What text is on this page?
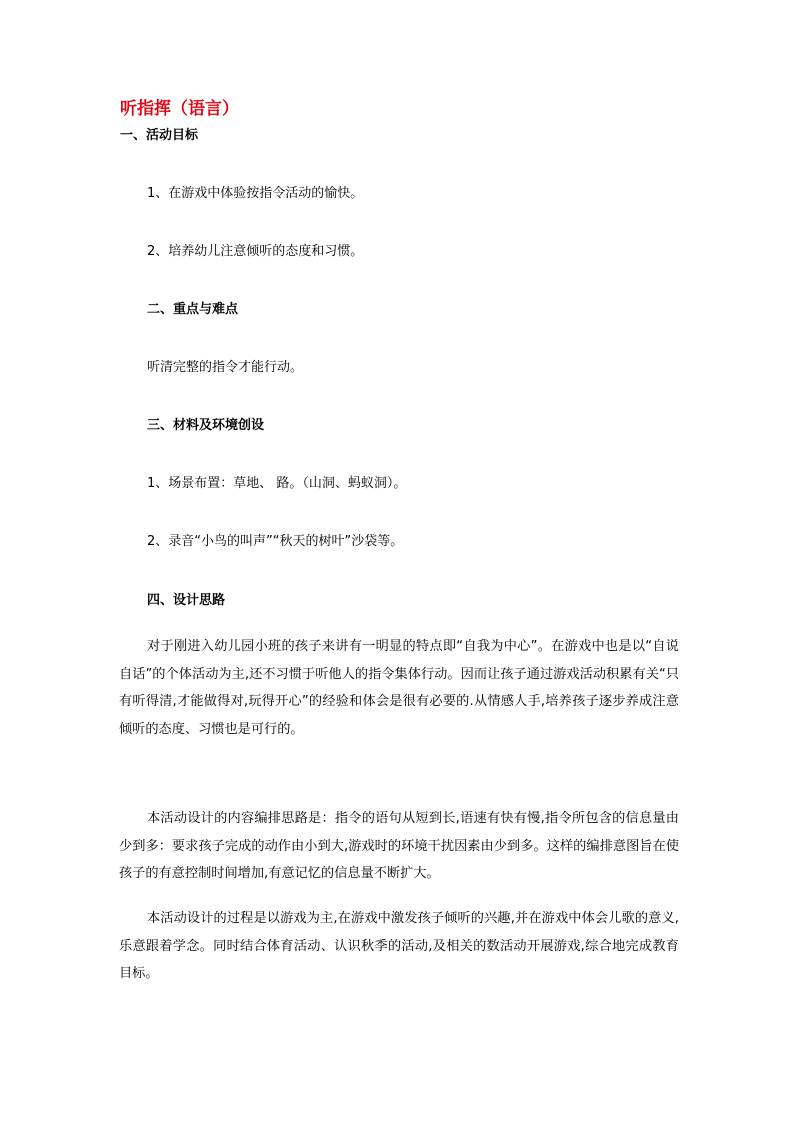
听指挥（语言）
一、活动目标
1、在游戏中体验按指令活动的愉快。
2、培养幼儿注意倾听的态度和习惯。
二、重点与难点
听清完整的指令才能行动。
三、材料及环境创设
1、场景布置：草地、 路。（山洞、蚂蚁洞）。
2、录音“小鸟的叫声”“秋天的树叶”沙袋等。
四、设计思路

对于刚进入幼儿园小班的孩子来讲有一明显的特点即“自我为中心”。在游戏中也是以“自说自话”的个体活动为主,还不习惯于听他人的指令集体行动。因而让孩子通过游戏活动积累有关“只有听得清,才能做得对,玩得开心”的经验和体会是很有必要的.从情感人手,培养孩子逐步养成注意倾听的态度、习惯也是可行的。

本活动设计的内容编排思路是：指令的语句从短到长,语速有快有慢,指令所包含的信息量由少到多：要求孩子完成的动作由小到大,游戏时的环境干扰因素由少到多。这样的编排意图旨在使孩子的有意控制时间增加,有意记忆的信息量不断扩大。

本活动设计的过程是以游戏为主,在游戏中激发孩子倾听的兴趣,并在游戏中体会儿歌的意义,乐意跟着学念。同时结合体育活动、认识秋季的活动,及相关的数活动开展游戏,综合地完成教育目标。
